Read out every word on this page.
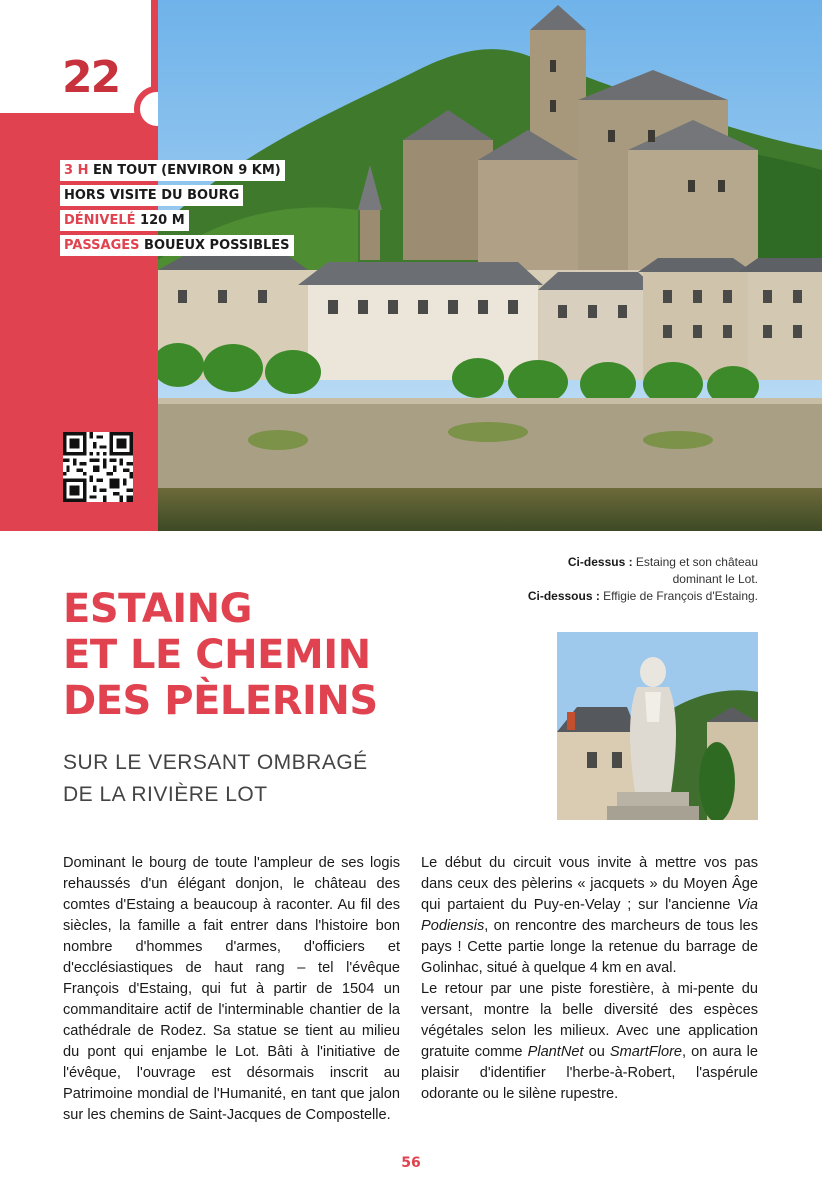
22
3 H EN TOUT (ENVIRON 9 KM)
HORS VISITE DU BOURG
DÉNIVELÉ 120 M
PASSAGES BOUEUX POSSIBLES
ESTAING
ET LE CHEMIN
DES PÈLERINS
SUR LE VERSANT OMBRAGÉ
DE LA RIVIÈRE LOT
Ci-dessus : Estaing et son château
dominant le Lot.
Ci-dessous : Effigie de François d'Estaing.

Dominant le bourg de toute l'ampleur de ses logis rehaussés d'un élégant donjon, le château des comtes d'Estaing a beaucoup à raconter. Au fil des siècles, la famille a fait entrer dans l'histoire bon nombre d'hommes d'armes, d'officiers et d'ecclésiastiques de haut rang – tel l'évêque François d'Estaing, qui fut à partir de 1504 un commanditaire actif de l'interminable chantier de la cathédrale de Rodez. Sa statue se tient au milieu du pont qui enjambe le Lot. Bâti à l'initiative de l'évêque, l'ouvrage est désormais inscrit au Patrimoine mondial de l'Humanité, en tant que jalon sur les chemins de Saint-Jacques de Compostelle.

Le début du circuit vous invite à mettre vos pas dans ceux des pèlerins « jacquets » du Moyen Âge qui partaient du Puy-en-Velay ; sur l'ancienne Via Podiensis, on rencontre des marcheurs de tous les pays ! Cette partie longe la retenue du barrage de Golinhac, situé à quelque 4 km en aval.

Le retour par une piste forestière, à mi-pente du versant, montre la belle diversité des espèces végétales selon les milieux. Avec une application gratuite comme PlantNet ou SmartFlore, on aura le plaisir d'identifier l'herbe-à-Robert, l'aspérule odorante ou le silène rupestre.

56
